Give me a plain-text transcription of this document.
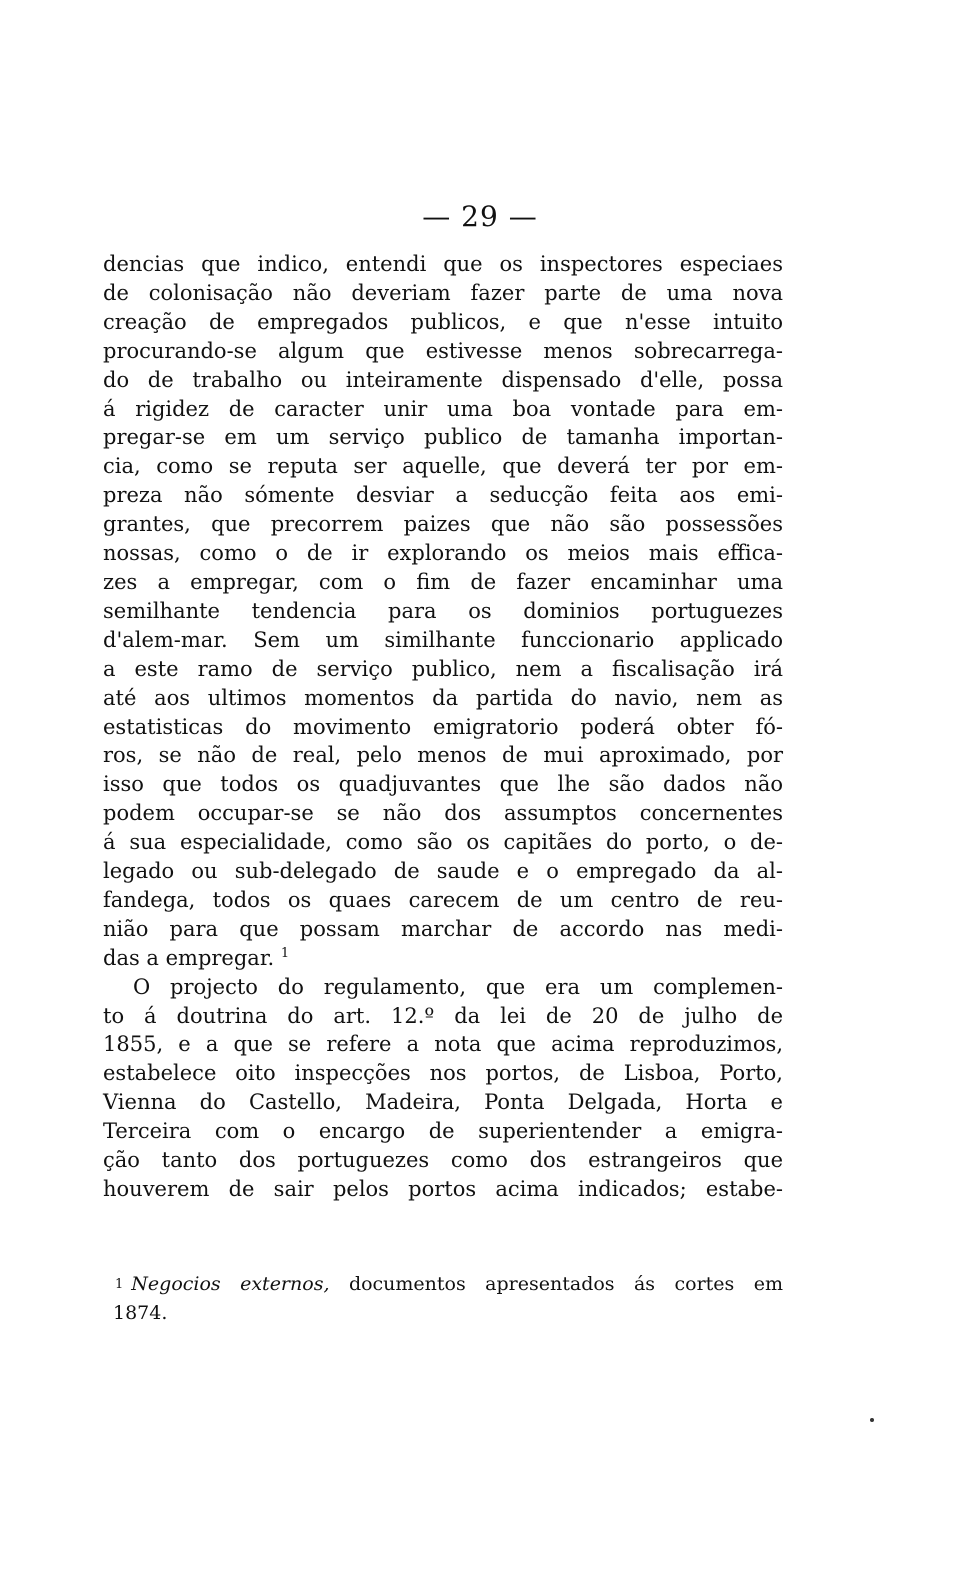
— 29 —
dencias que indico, entendi que os inspectores especiaes
de colonisação não deveriam fazer parte de uma nova
creação de empregados publicos, e que n'esse intuito
procurando-se algum que estivesse menos sobrecarrega-
do de trabalho ou inteiramente dispensado d'elle, possa
á rigidez de caracter unir uma boa vontade para em-
pregar-se em um serviço publico de tamanha importan-
cia, como se reputa ser aquelle, que deverá ter por em-
preza não sómente desviar a seducção feita aos emi-
grantes, que precorrem paizes que não são possessões
nossas, como o de ir explorando os meios mais effica-
zes a empregar, com o fim de fazer encaminhar uma
semilhante tendencia para os dominios portuguezes
d'alem-mar. Sem um similhante funccionario applicado
a este ramo de serviço publico, nem a fiscalisação irá
até aos ultimos momentos da partida do navio, nem as
estatisticas do movimento emigratorio poderá obter fó-
ros, se não de real, pelo menos de mui aproximado, por
isso que todos os quadjuvantes que lhe são dados não
podem occupar-se se não dos assumptos concernentes
á sua especialidade, como são os capitães do porto, o de-
legado ou sub-delegado de saude e o empregado da al-
fandega, todos os quaes carecem de um centro de reu-
nião para que possam marchar de accordo nas medi-
das a empregar. $^1$
O projecto do regulamento, que era um complemen-
to á doutrina do art. 12.º da lei de 20 de julho de
1855, e a que se refere a nota que acima reproduzimos,
estabelece oito inspecções nos portos, de Lisboa, Porto,
Vienna do Castello, Madeira, Ponta Delgada, Horta e
Terceira com o encargo de superientender a emigra-
ção tanto dos portuguezes como dos estrangeiros que
houverem de sair pelos portos acima indicados; estabe-
1 Negocios externos, documentos apresentados ás cortes em
1874.
